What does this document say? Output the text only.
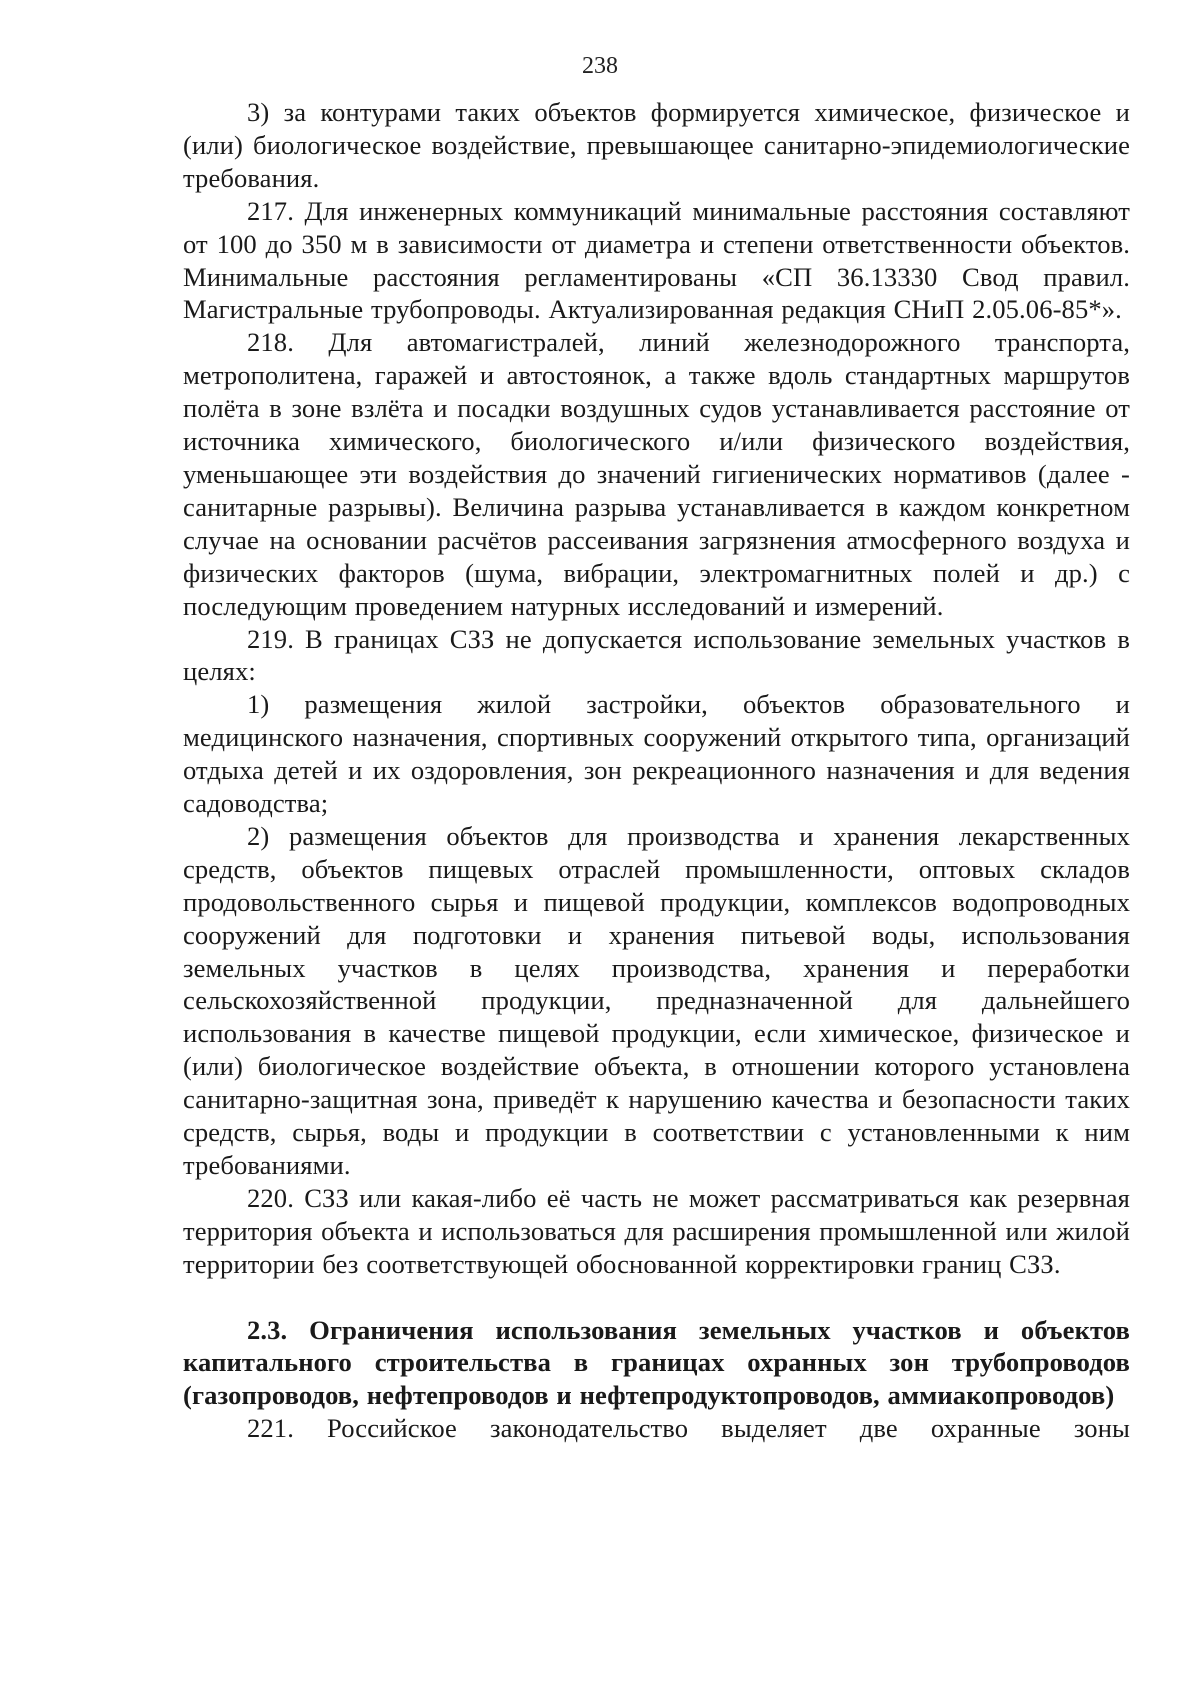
238

3) за контурами таких объектов формируется химическое, физическое и (или) биологическое воздействие, превышающее санитарно-эпидемиологические требования.

217. Для инженерных коммуникаций минимальные расстояния составляют от 100 до 350 м в зависимости от диаметра и степени ответственности объектов. Минимальные расстояния регламентированы «СП 36.13330 Свод правил. Магистральные трубопроводы. Актуализированная редакция СНиП 2.05.06-85*».

218. Для автомагистралей, линий железнодорожного транспорта, метрополитена, гаражей и автостоянок, а также вдоль стандартных маршрутов полёта в зоне взлёта и посадки воздушных судов устанавливается расстояние от источника химического, биологического и/или физического воздействия, уменьшающее эти воздействия до значений гигиенических нормативов (далее - санитарные разрывы). Величина разрыва устанавливается в каждом конкретном случае на основании расчётов рассеивания загрязнения атмосферного воздуха и физических факторов (шума, вибрации, электромагнитных полей и др.) с последующим проведением натурных исследований и измерений.

219. В границах СЗЗ не допускается использование земельных участков в целях:

1) размещения жилой застройки, объектов образовательного и медицинского назначения, спортивных сооружений открытого типа, организаций отдыха детей и их оздоровления, зон рекреационного назначения и для ведения садоводства;

2) размещения объектов для производства и хранения лекарственных средств, объектов пищевых отраслей промышленности, оптовых складов продовольственного сырья и пищевой продукции, комплексов водопроводных сооружений для подготовки и хранения питьевой воды, использования земельных участков в целях производства, хранения и переработки сельскохозяйственной продукции, предназначенной для дальнейшего использования в качестве пищевой продукции, если химическое, физическое и (или) биологическое воздействие объекта, в отношении которого установлена санитарно-защитная зона, приведёт к нарушению качества и безопасности таких средств, сырья, воды и продукции в соответствии с установленными к ним требованиями.

220. СЗЗ или какая-либо её часть не может рассматриваться как резервная территория объекта и использоваться для расширения промышленной или жилой территории без соответствующей обоснованной корректировки границ СЗЗ.

2.3. Ограничения использования земельных участков и объектов капитального строительства в границах охранных зон трубопроводов (газопроводов, нефтепроводов и нефтепродуктопроводов, аммиакопроводов)

221. Российское законодательство выделяет две охранные зоны
